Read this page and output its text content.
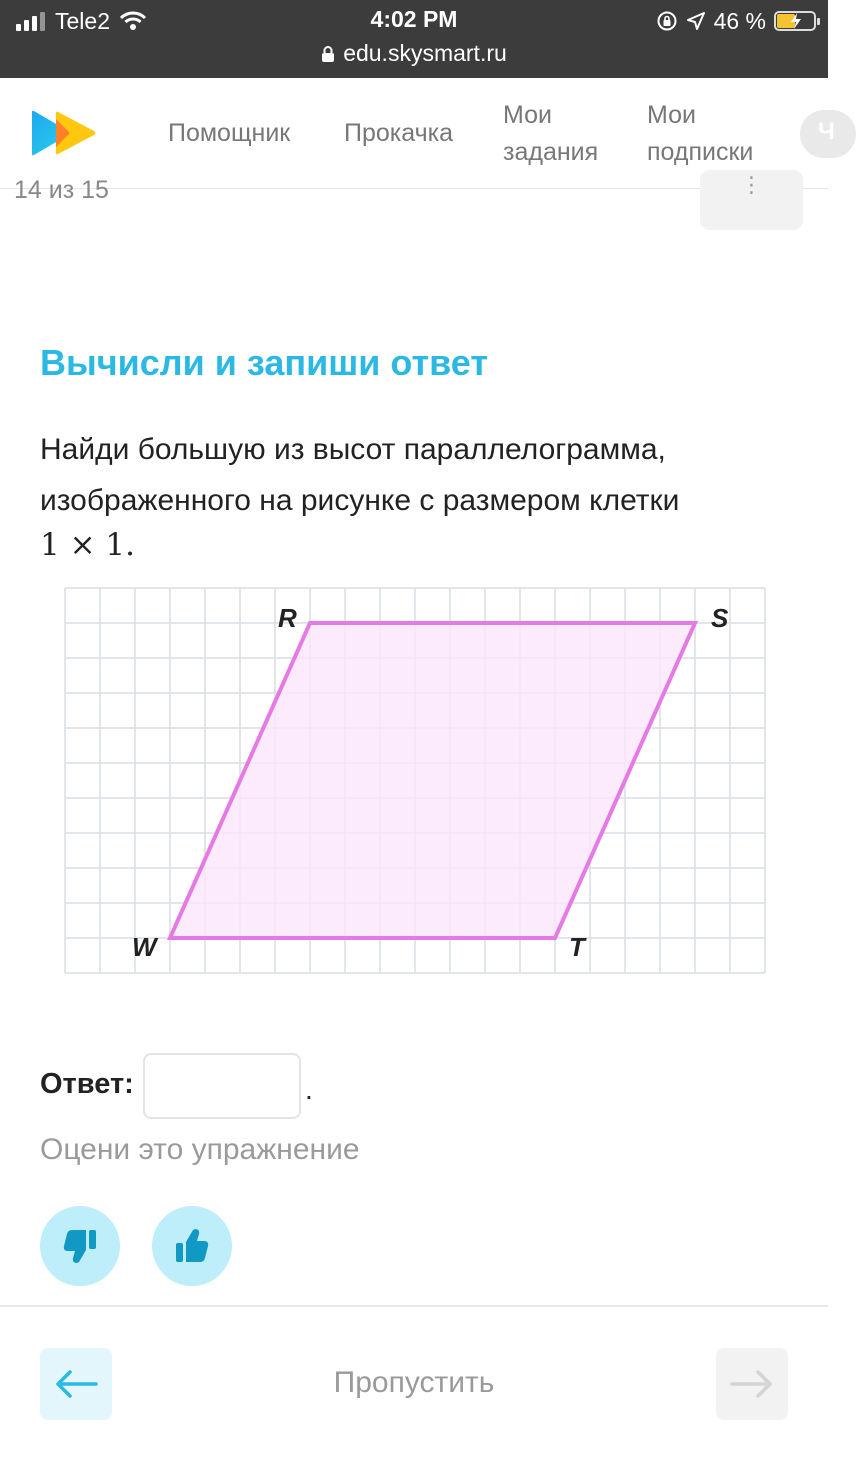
Tele2	4:02 PM
edu.skysmart.ru
46 %
Помощник Прокачка
Мои
задания
Мои
подписки
Ч
14 из 15	⋮
Вычисли и запиши ответ
Найди большую из высот параллелограмма, изображенного на рисунке с размером клетки
1 × 1.
R	S
T
W
Ответ:	.
Оцени это упражнение
Пропустить
